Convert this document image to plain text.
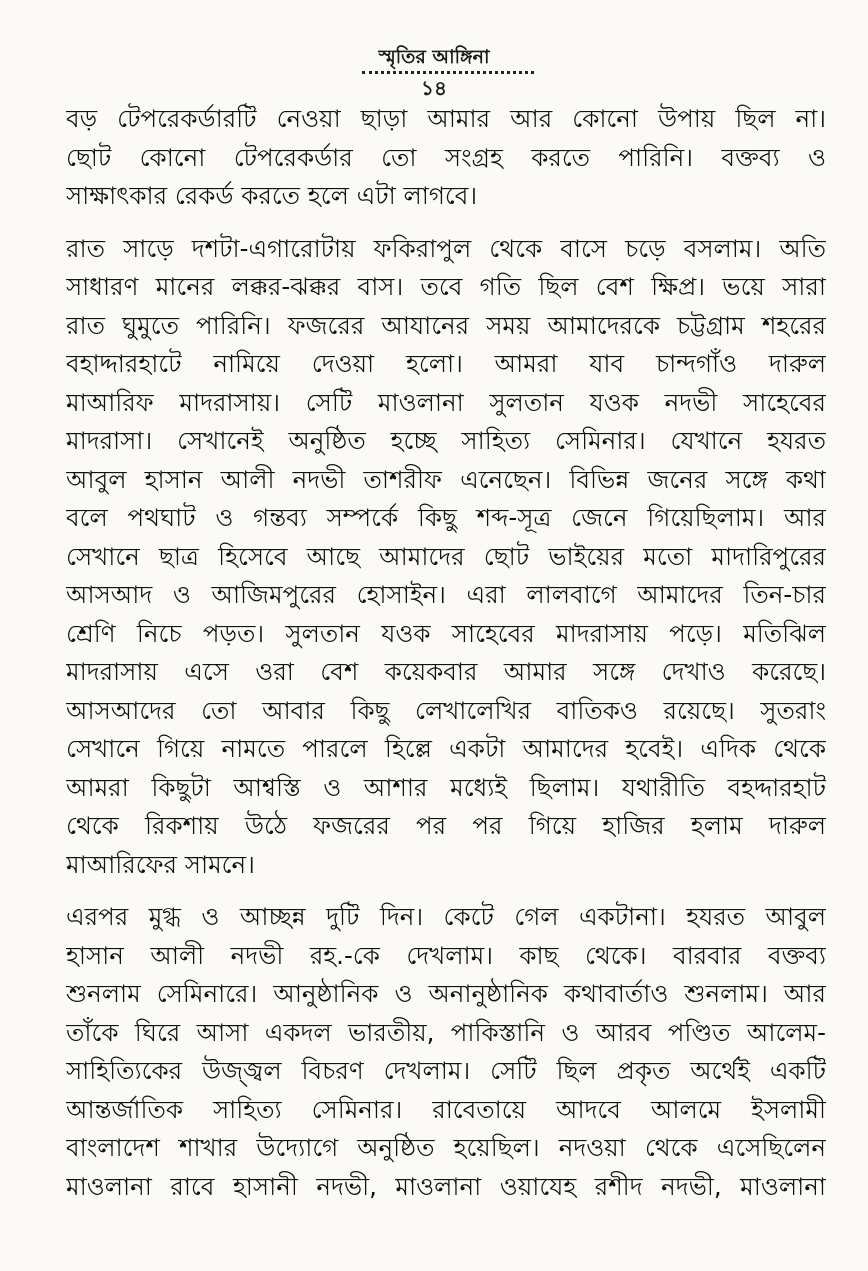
স্মৃতির আঙ্গিনা
১৪
বড় টেপরেকর্ডারটি নেওয়া ছাড়া আমার আর কোনো উপায় ছিল না।
ছোট কোনো টেপরেকর্ডার তো সংগ্রহ করতে পারিনি। বক্তব্য ও
সাক্ষাৎকার রেকর্ড করতে হলে এটা লাগবে।
রাত সাড়ে দশটা-এগারোটায় ফকিরাপুল থেকে বাসে চড়ে বসলাম। অতি
সাধারণ মানের লক্কর-ঝক্কর বাস। তবে গতি ছিল বেশ ক্ষিপ্র। ভয়ে সারা
রাত ঘুমুতে পারিনি। ফজরের আযানের সময় আমাদেরকে চট্টগ্রাম শহরের
বহাদ্দারহাটে নামিয়ে দেওয়া হলো। আমরা যাব চান্দগাঁও দারুল
মাআরিফ মাদরাসায়। সেটি মাওলানা সুলতান যওক নদভী সাহেবের
মাদরাসা। সেখানেই অনুষ্ঠিত হচ্ছে সাহিত্য সেমিনার। যেখানে হযরত
আবুল হাসান আলী নদভী তাশরীফ এনেছেন। বিভিন্ন জনের সঙ্গে কথা
বলে পথঘাট ও গন্তব্য সম্পর্কে কিছু শব্দ-সূত্র জেনে গিয়েছিলাম। আর
সেখানে ছাত্র হিসেবে আছে আমাদের ছোট ভাইয়ের মতো মাদারিপুরের
আসআদ ও আজিমপুরের হোসাইন। এরা লালবাগে আমাদের তিন-চার
শ্রেণি নিচে পড়ত। সুলতান যওক সাহেবের মাদরাসায় পড়ে। মতিঝিল
মাদরাসায় এসে ওরা বেশ কয়েকবার আমার সঙ্গে দেখাও করেছে।
আসআদের তো আবার কিছু লেখালেখির বাতিকও রয়েছে। সুতরাং
সেখানে গিয়ে নামতে পারলে হিল্লে একটা আমাদের হবেই। এদিক থেকে
আমরা কিছুটা আশ্বস্তি ও আশার মধ্যেই ছিলাম। যথারীতি বহদ্দারহাট
থেকে রিকশায় উঠে ফজরের পর পর গিয়ে হাজির হলাম দারুল
মাআরিফের সামনে।
এরপর মুগ্ধ ও আচ্ছন্ন দুটি দিন। কেটে গেল একটানা। হযরত আবুল
হাসান আলী নদভী রহ.-কে দেখলাম। কাছ থেকে। বারবার বক্তব্য
শুনলাম সেমিনারে। আনুষ্ঠানিক ও অনানুষ্ঠানিক কথাবার্তাও শুনলাম। আর
তাঁকে ঘিরে আসা একদল ভারতীয়, পাকিস্তানি ও আরব পণ্ডিত আলেম-
সাহিত্যিকের উজ্জ্বল বিচরণ দেখলাম। সেটি ছিল প্রকৃত অর্থেই একটি
আন্তর্জাতিক সাহিত্য সেমিনার। রাবেতায়ে আদবে আলমে ইসলামী
বাংলাদেশ শাখার উদ্যোগে অনুষ্ঠিত হয়েছিল। নদওয়া থেকে এসেছিলেন
মাওলানা রাবে হাসানী নদভী, মাওলানা ওয়াযেহ রশীদ নদভী, মাওলানা
